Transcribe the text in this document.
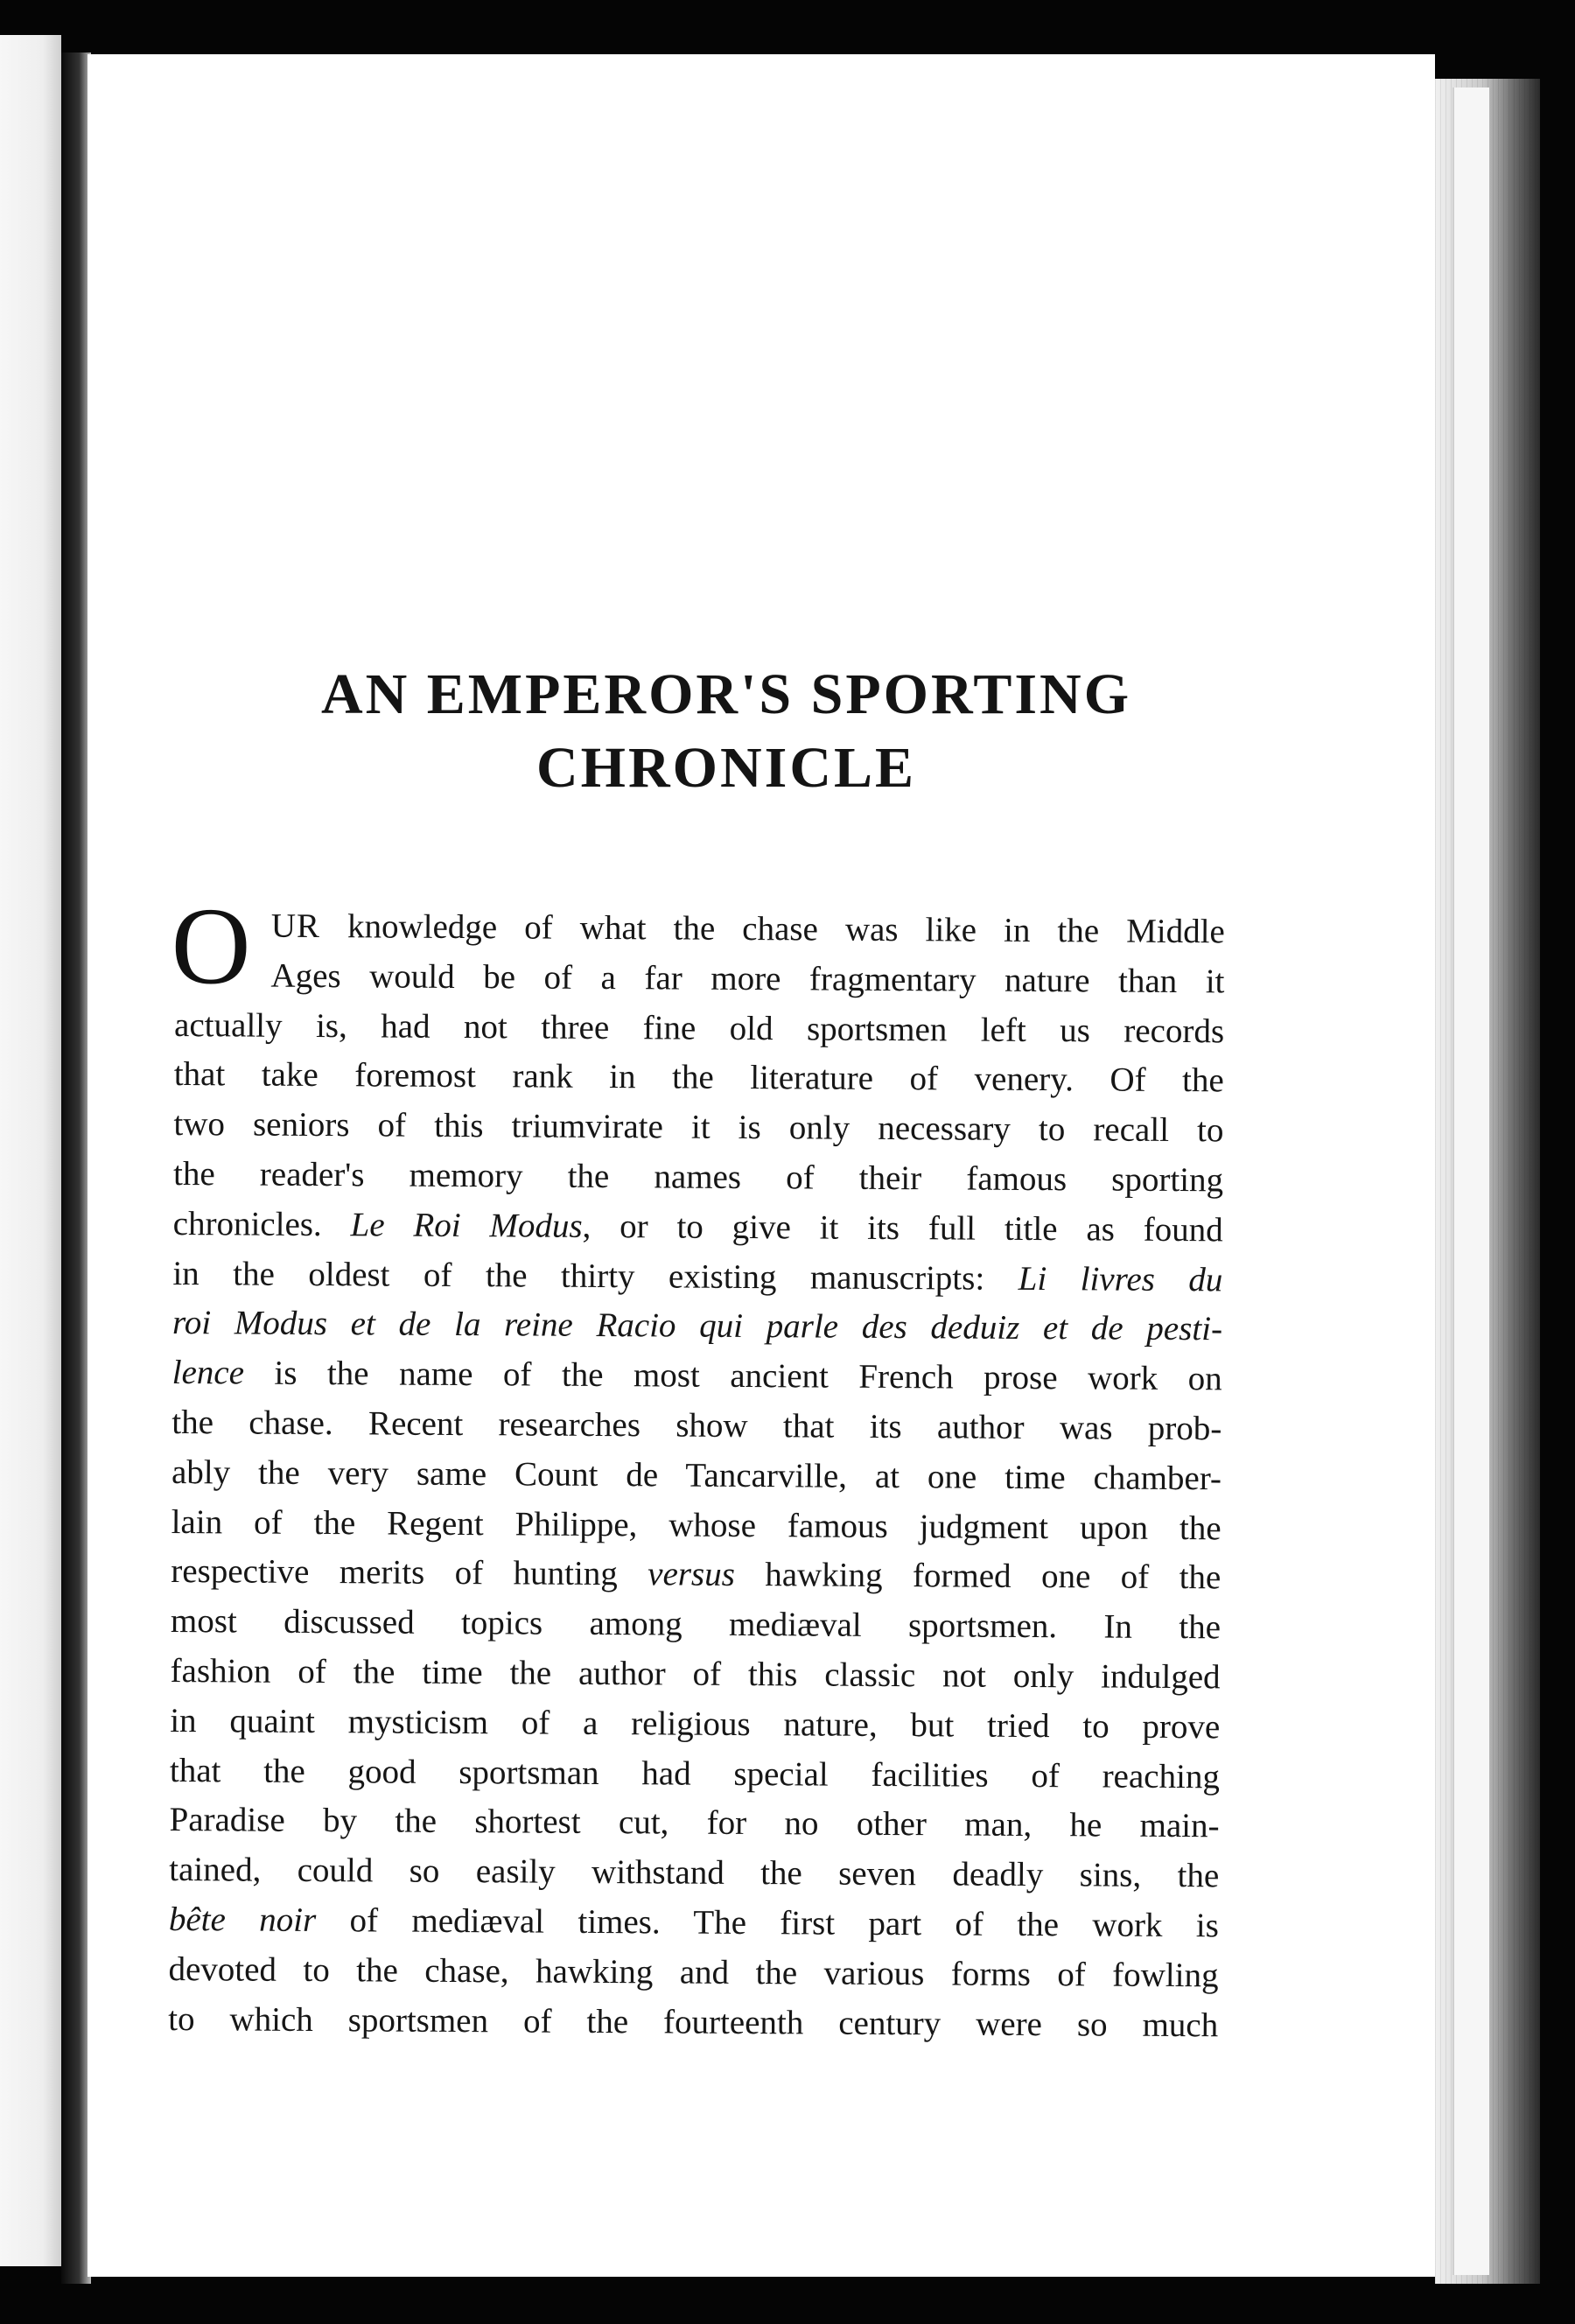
AN EMPEROR'S SPORTING
CHRONICLE
O UR knowledge of what the chase was like in the Middle
Ages would be of a far more fragmentary nature than it
actually is, had not three fine old sportsmen left us records
that take foremost rank in the literature of venery. Of the
two seniors of this triumvirate it is only necessary to recall to
the reader's memory the names of their famous sporting
chronicles. Le Roi Modus, or to give it its full title as found
in the oldest of the thirty existing manuscripts: Li livres du
roi Modus et de la reine Racio qui parle des deduiz et de pesti-
lence is the name of the most ancient French prose work on
the chase. Recent researches show that its author was prob-
ably the very same Count de Tancarville, at one time chamber-
lain of the Regent Philippe, whose famous judgment upon the
respective merits of hunting versus hawking formed one of the
most discussed topics among mediæval sportsmen. In the
fashion of the time the author of this classic not only indulged
in quaint mysticism of a religious nature, but tried to prove
that the good sportsman had special facilities of reaching
Paradise by the shortest cut, for no other man, he main-
tained, could so easily withstand the seven deadly sins, the
bête noir of mediæval times. The first part of the work is
devoted to the chase, hawking and the various forms of fowling
to which sportsmen of the fourteenth century were so much
